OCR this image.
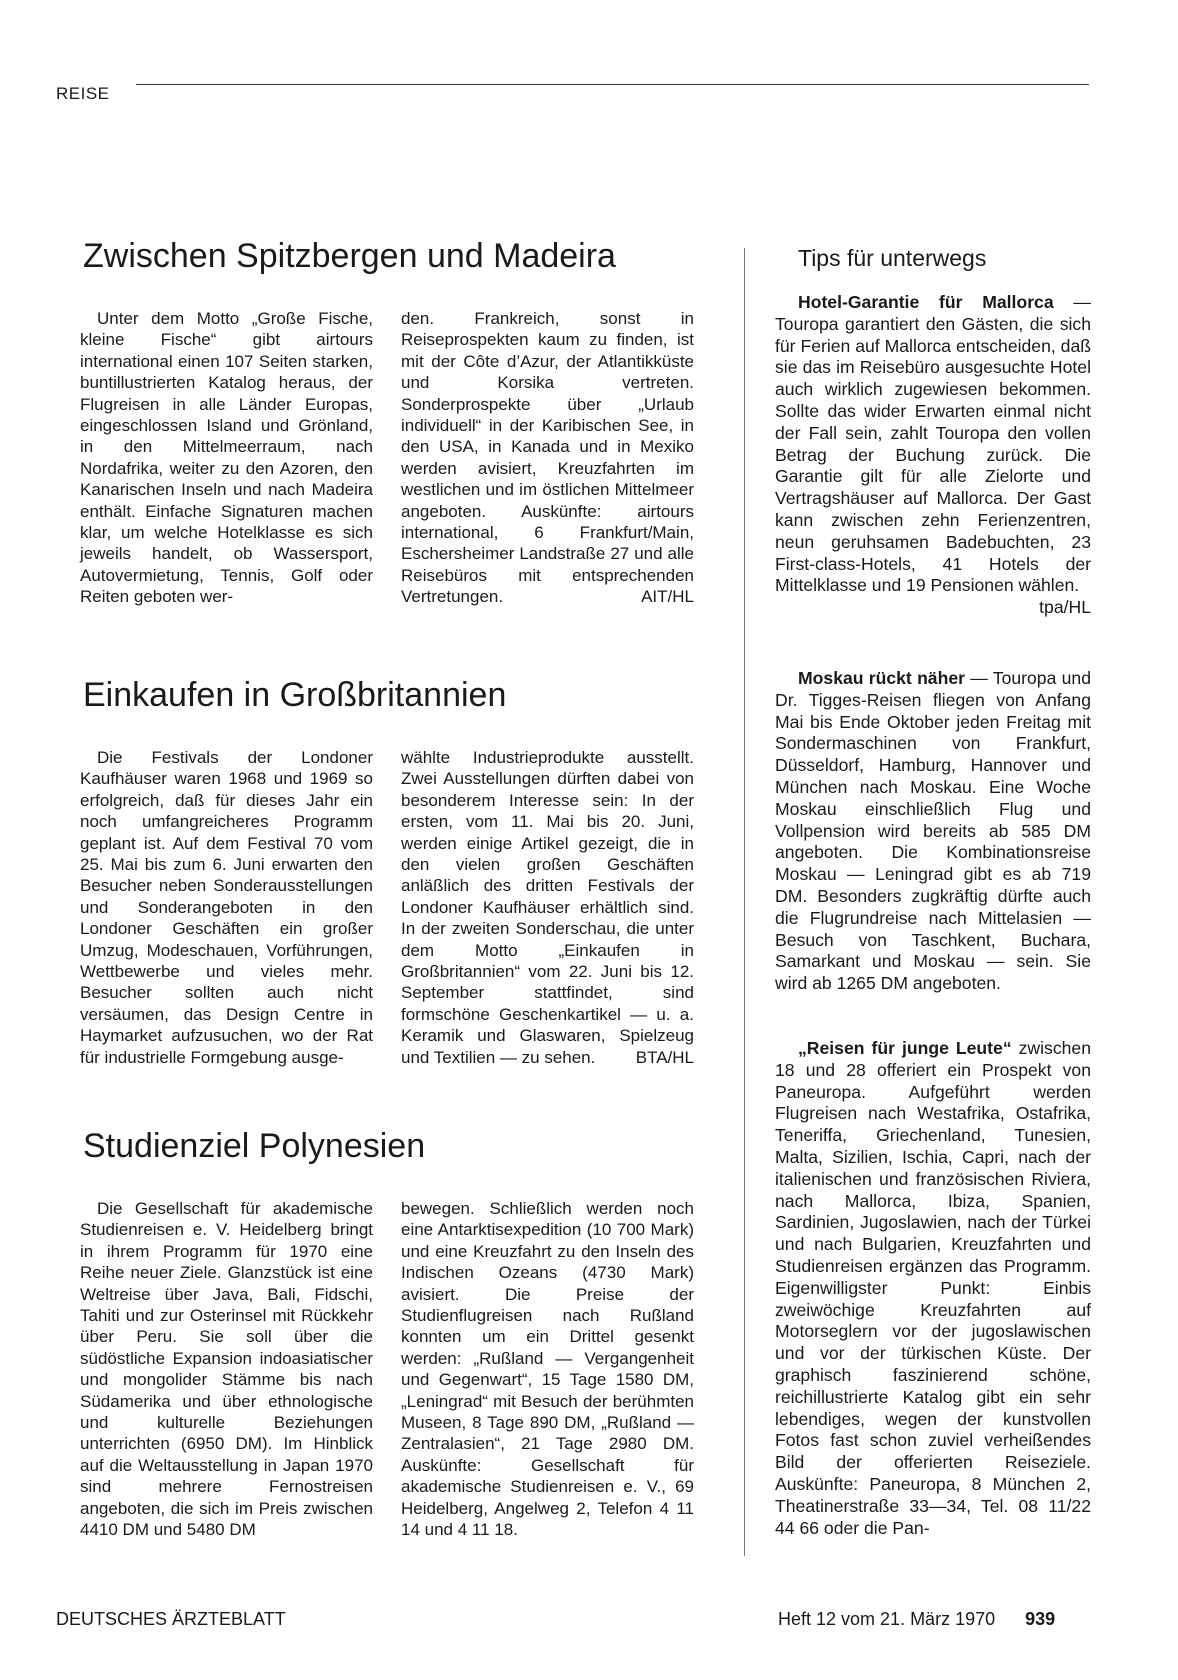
REISE
Zwischen Spitzbergen und Madeira

Unter dem Motto „Große Fische, kleine Fische“ gibt airtours international einen 107 Seiten starken, buntillustrierten Katalog heraus, der Flugreisen in alle Länder Europas, eingeschlossen Island und Grönland, in den Mittelmeerraum, nach Nordafrika, weiter zu den Azoren, den Kanarischen Inseln und nach Madeira enthält. Einfache Signaturen machen klar, um welche Hotelklasse es sich jeweils handelt, ob Wassersport, Autovermietung, Tennis, Golf oder Reiten geboten wer-

den. Frankreich, sonst in Reiseprospekten kaum zu finden, ist mit der Côte d’Azur, der Atlantikküste und Korsika vertreten. Sonderprospekte über „Urlaub individuell“ in der Karibischen See, in den USA, in Kanada und in Mexiko werden avisiert, Kreuzfahrten im westlichen und im östlichen Mittelmeer angeboten. Auskünfte: airtours international, 6 Frankfurt/Main, Eschersheimer Landstraße 27 und alle Reisebüros mit entsprechenden Vertretungen.	AIT/HL

Einkaufen in Großbritannien

Die Festivals der Londoner Kaufhäuser waren 1968 und 1969 so erfolgreich, daß für dieses Jahr ein noch umfangreicheres Programm geplant ist. Auf dem Festival 70 vom 25. Mai bis zum 6. Juni erwarten den Besucher neben Sonderausstellungen und Sonderangeboten in den Londoner Geschäften ein großer Umzug, Modeschauen, Vorführungen, Wettbewerbe und vieles mehr. Besucher sollten auch nicht versäumen, das Design Centre in Haymarket aufzusuchen, wo der Rat für industrielle Formgebung ausge-

wählte Industrieprodukte ausstellt. Zwei Ausstellungen dürften dabei von besonderem Interesse sein: In der ersten, vom 11. Mai bis 20. Juni, werden einige Artikel gezeigt, die in den vielen großen Geschäften anläßlich des dritten Festivals der Londoner Kaufhäuser erhältlich sind. In der zweiten Sonderschau, die unter dem Motto „Einkaufen in Großbritannien“ vom 22. Juni bis 12. September stattfindet, sind formschöne Geschenkartikel — u. a. Keramik und Glaswaren, Spielzeug und Textilien — zu sehen. BTA/HL

Studienziel Polynesien

Die Gesellschaft für akademische Studienreisen e. V. Heidelberg bringt in ihrem Programm für 1970 eine Reihe neuer Ziele. Glanzstück ist eine Weltreise über Java, Bali, Fidschi, Tahiti und zur Osterinsel mit Rückkehr über Peru. Sie soll über die südöstliche Expansion indoasiatischer und mongolider Stämme bis nach Südamerika und über ethnologische und kulturelle Beziehungen unterrichten (6950 DM). Im Hinblick auf die Weltausstellung in Japan 1970 sind mehrere Fernostreisen angeboten, die sich im Preis zwischen 4410 DM und 5480 DM

bewegen. Schließlich werden noch eine Antarktisexpedition (10 700 Mark) und eine Kreuzfahrt zu den Inseln des Indischen Ozeans (4730 Mark) avisiert. Die Preise der Studienflugreisen nach Rußland konnten um ein Drittel gesenkt werden: „Rußland — Vergangenheit und Gegenwart“, 15 Tage 1580 DM, „Leningrad“ mit Besuch der berühmten Museen, 8 Tage 890 DM, „Rußland — Zentralasien“, 21 Tage 2980 DM. Auskünfte: Gesellschaft für akademische Studienreisen e. V., 69 Heidelberg, Angelweg 2, Telefon 4 11 14 und 4 11 18.

Tips für unterwegs

Hotel-Garantie für Mallorca — Touropa garantiert den Gästen, die sich für Ferien auf Mallorca entscheiden, daß sie das im Reisebüro ausgesuchte Hotel auch wirklich zugewiesen bekommen. Sollte das wider Erwarten einmal nicht der Fall sein, zahlt Touropa den vollen Betrag der Buchung zurück. Die Garantie gilt für alle Zielorte und Vertragshäuser auf Mallorca. Der Gast kann zwischen zehn Ferienzentren, neun geruhsamen Badebuchten, 23 First-class-Hotels, 41 Hotels der Mittelklasse und 19 Pensionen wählen.
tpa/HL

Moskau rückt näher — Touropa und Dr. Tigges-Reisen fliegen von Anfang Mai bis Ende Oktober jeden Freitag mit Sondermaschinen von Frankfurt, Düsseldorf, Hamburg, Hannover und München nach Moskau. Eine Woche Moskau einschließlich Flug und Vollpension wird bereits ab 585 DM angeboten. Die Kombinationsreise Moskau — Leningrad gibt es ab 719 DM. Besonders zugkräftig dürfte auch die Flugrundreise nach Mittelasien — Besuch von Taschkent, Buchara, Samarkant und Moskau — sein. Sie wird ab 1265 DM angeboten.

„Reisen für junge Leute“ zwischen 18 und 28 offeriert ein Prospekt von Paneuropa. Aufgeführt werden Flugreisen nach Westafrika, Ostafrika, Teneriffa, Griechenland, Tunesien, Malta, Sizilien, Ischia, Capri, nach der italienischen und französischen Riviera, nach Mallorca, Ibiza, Spanien, Sardinien, Jugoslawien, nach der Türkei und nach Bulgarien, Kreuzfahrten und Studienreisen ergänzen das Programm. Eigenwilligster Punkt: Einbis zweiwöchige Kreuzfahrten auf Motorseglern vor der jugoslawischen und vor der türkischen Küste. Der graphisch faszinierend schöne, reichillustrierte Katalog gibt ein sehr lebendiges, wegen der kunstvollen Fotos fast schon zuviel verheißendes Bild der offerierten Reiseziele. Auskünfte: Paneuropa, 8 München 2, Theatinerstraße 33—34, Tel. 08 11/22 44 66 oder die Pan-

DEUTSCHES ÄRZTEBLATT	Heft 12 vom 21. März 1970 939
